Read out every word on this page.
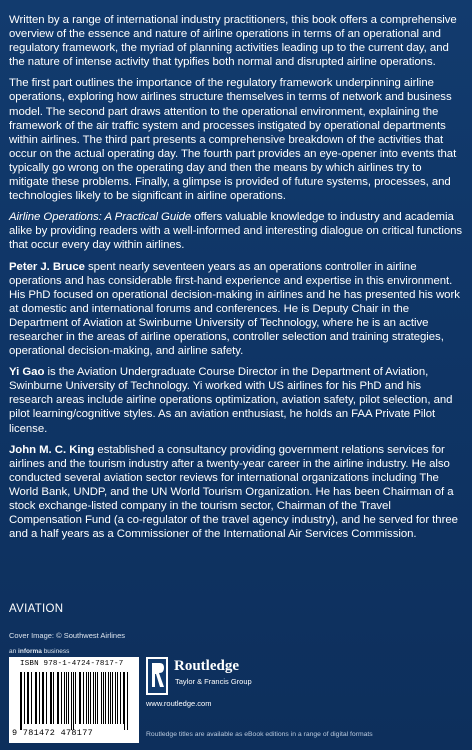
Written by a range of international industry practitioners, this book offers a comprehensive overview of the essence and nature of airline operations in terms of an operational and regulatory framework, the myriad of planning activities leading up to the current day, and the nature of intense activity that typifies both normal and disrupted airline operations.

The first part outlines the importance of the regulatory framework underpinning airline operations, exploring how airlines structure themselves in terms of network and business model. The second part draws attention to the operational environment, explaining the framework of the air traffic system and processes instigated by operational departments within airlines. The third part presents a comprehensive breakdown of the activities that occur on the actual operating day. The fourth part provides an eye-opener into events that typically go wrong on the operating day and then the means by which airlines try to mitigate these problems. Finally, a glimpse is provided of future systems, processes, and technologies likely to be significant in airline operations.

Airline Operations: A Practical Guide offers valuable knowledge to industry and academia alike by providing readers with a well-informed and interesting dialogue on critical functions that occur every day within airlines.

Peter J. Bruce spent nearly seventeen years as an operations controller in airline operations and has considerable first-hand experience and expertise in this environment. His PhD focused on operational decision-making in airlines and he has presented his work at domestic and international forums and conferences. He is Deputy Chair in the Department of Aviation at Swinburne University of Technology, where he is an active researcher in the areas of airline operations, controller selection and training strategies, operational decision-making, and airline safety.

Yi Gao is the Aviation Undergraduate Course Director in the Department of Aviation, Swinburne University of Technology. Yi worked with US airlines for his PhD and his research areas include airline operations optimization, aviation safety, pilot selection, and pilot learning/cognitive styles. As an aviation enthusiast, he holds an FAA Private Pilot license.

John M. C. King established a consultancy providing government relations services for airlines and the tourism industry after a twenty-year career in the airline industry. He also conducted several aviation sector reviews for international organizations including The World Bank, UNDP, and the UN World Tourism Organization. He has been Chairman of a stock exchange-listed company in the tourism sector, Chairman of the Travel Compensation Fund (a co-regulator of the travel agency industry), and he served for three and a half years as a Commissioner of the International Air Services Commission.

AVIATION
Cover Image: © Southwest Airlines
an informa business
ISBN 978-1-4724-7817-7
9 781472 478177
Routledge
Taylor & Francis Group
www.routledge.com
Routledge titles are available as eBook editions in a range of digital formats
